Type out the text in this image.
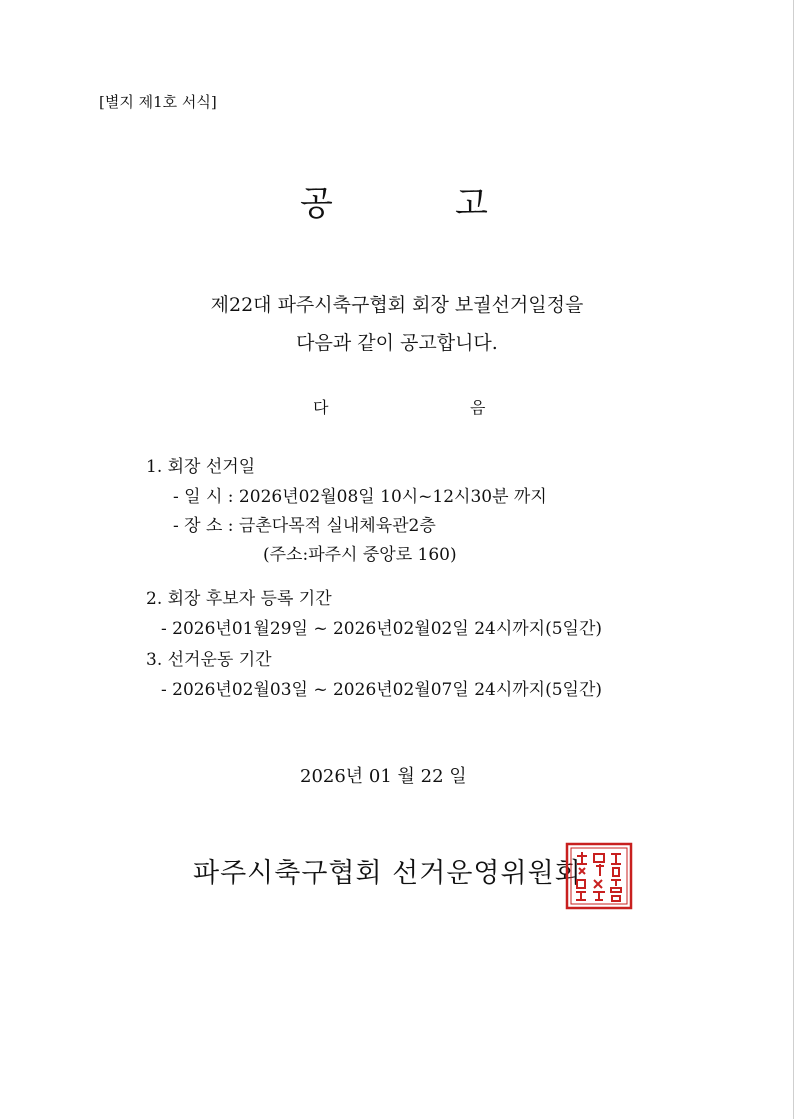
[별지 제1호 서식]
공	고
제22대 파주시축구협회 회장 보궐선거일정을
다음과 같이 공고합니다.
다	음
1. 회장 선거일
- 일 시 : 2026년02월08일 10시~12시30분 까지
- 장 소 : 금촌다목적 실내체육관2층
(주소:파주시 중앙로 160)
2. 회장 후보자 등록 기간
- 2026년01월29일 ~ 2026년02월02일 24시까지(5일간)
3. 선거운동 기간
- 2026년02월03일 ~ 2026년02월07일 24시까지(5일간)
2026년 01 월 22 일
파주시축구협회 선거운영위원회
